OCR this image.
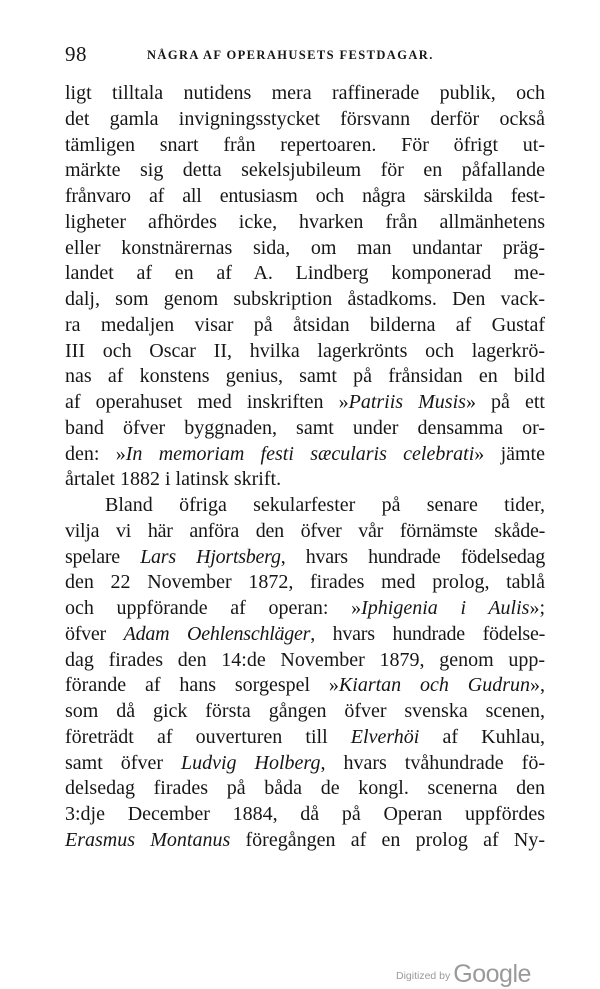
98	NÅGRA AF OPERAHUSETS FESTDAGAR.
ligt tilltala nutidens mera raffinerade publik, och
det gamla invigningsstycket försvann derför också
tämligen snart från repertoaren. För öfrigt ut-
märkte sig detta sekelsjubileum för en påfallande
frånvaro af all entusiasm och några särskilda fest-
ligheter afhördes icke, hvarken från allmänhetens
eller konstnärernas sida, om man undantar präg-
landet af en af A. Lindberg komponerad me-
dalj, som genom subskription åstadkoms. Den vack-
ra medaljen visar på åtsidan bilderna af Gustaf
III och Oscar II, hvilka lagerkrönts och lagerkrö-
nas af konstens genius, samt på frånsidan en bild
af operahuset med inskriften »Patriis Musis» på ett
band öfver byggnaden, samt under densamma or-
den: »In memoriam festi sæcularis celebrati» jämte
årtalet 1882 i latinsk skrift.
Bland öfriga sekularfester på senare tider,
vilja vi här anföra den öfver vår förnämste skåde-
spelare Lars Hjortsberg, hvars hundrade födelsedag
den 22 November 1872, firades med prolog, tablå
och uppförande af operan: »Iphigenia i Aulis»;
öfver Adam Oehlenschläger, hvars hundrade födelse-
dag firades den 14:de November 1879, genom upp-
förande af hans sorgespel »Kiartan och Gudrun»,
som då gick första gången öfver svenska scenen,
företrädt af ouverturen till Elverhöi af Kuhlau,
samt öfver Ludvig Holberg, hvars tvåhundrade fö-
delsedag firades på båda de kongl. scenerna den
3:dje December 1884, då på Operan uppfördes
Erasmus Montanus föregången af en prolog af Ny-
Digitized by Google
